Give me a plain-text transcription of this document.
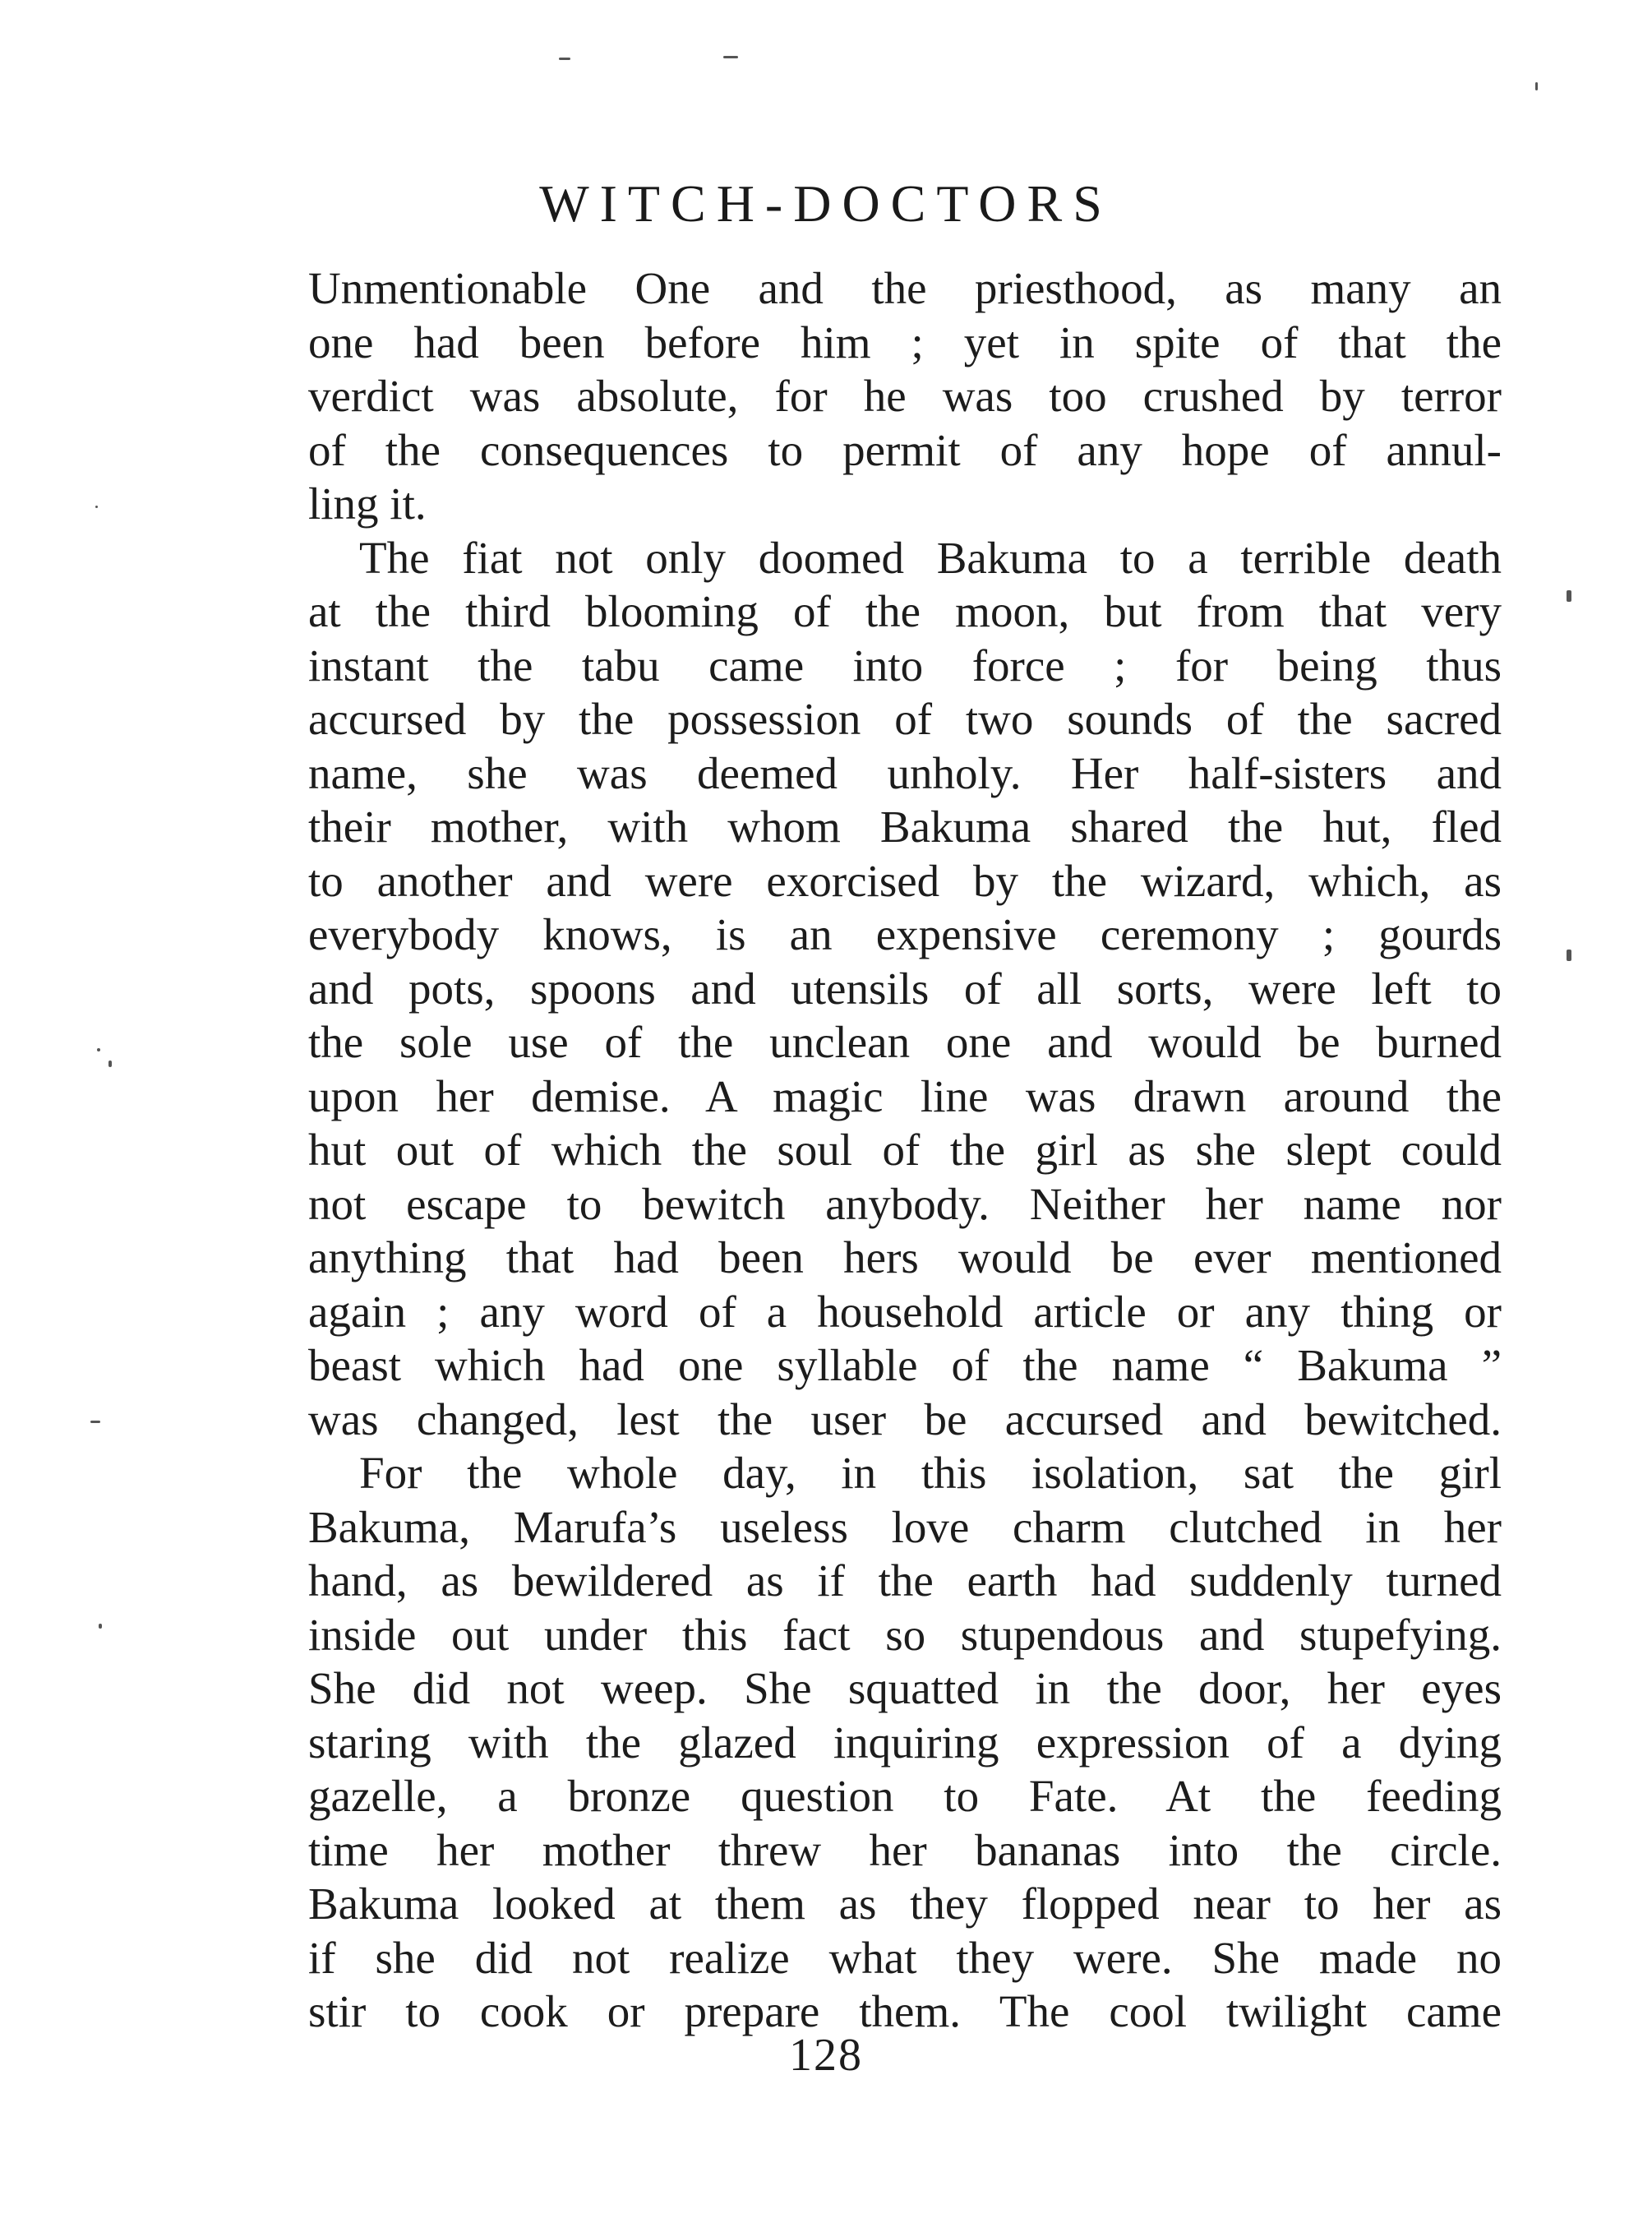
WITCH-DOCTORS
Unmentionable One and the priesthood, as many an
one had been before him ; yet in spite of that the
verdict was absolute, for he was too crushed by terror
of the consequences to permit of any hope of annul-
ling it.
The fiat not only doomed Bakuma to a terrible death
at the third blooming of the moon, but from that very
instant the tabu came into force ; for being thus
accursed by the possession of two sounds of the sacred
name, she was deemed unholy. Her half-sisters and
their mother, with whom Bakuma shared the hut, fled
to another and were exorcised by the wizard, which, as
everybody knows, is an expensive ceremony ; gourds
and pots, spoons and utensils of all sorts, were left to
the sole use of the unclean one and would be burned
upon her demise. A magic line was drawn around the
hut out of which the soul of the girl as she slept could
not escape to bewitch anybody. Neither her name nor
anything that had been hers would be ever mentioned
again ; any word of a household article or any thing or
beast which had one syllable of the name “ Bakuma ”
was changed, lest the user be accursed and bewitched.
For the whole day, in this isolation, sat the girl
Bakuma, Marufa’s useless love charm clutched in her
hand, as bewildered as if the earth had suddenly turned
inside out under this fact so stupendous and stupefying.
She did not weep. She squatted in the door, her eyes
staring with the glazed inquiring expression of a dying
gazelle, a bronze question to Fate. At the feeding
time her mother threw her bananas into the circle.
Bakuma looked at them as they flopped near to her as
if she did not realize what they were. She made no
stir to cook or prepare them. The cool twilight came
128
